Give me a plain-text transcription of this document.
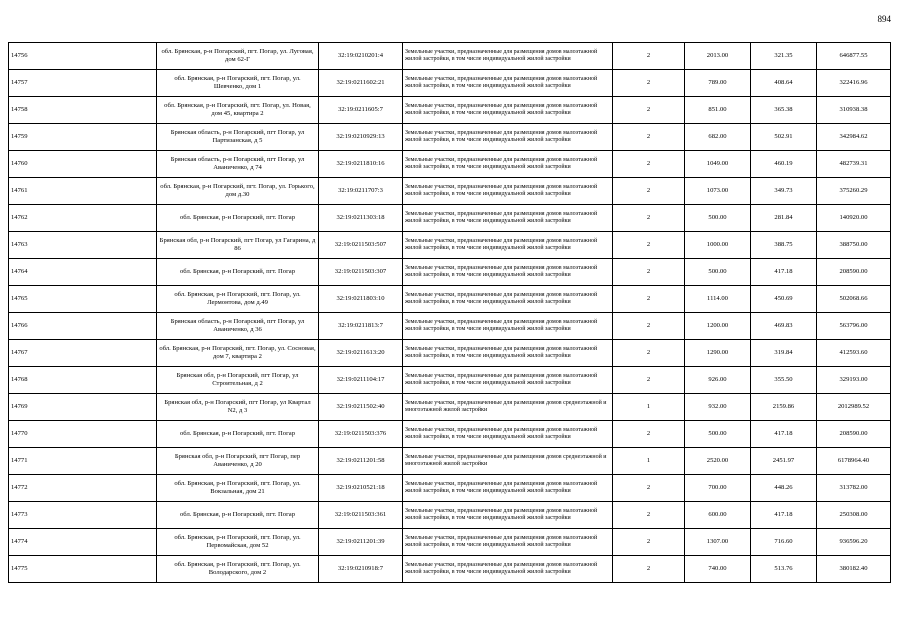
894
14756	обл. Брянская, р-н Погарский, пгт. Погар, ул. Луговая, дом 62-Г	32:19:0210201:4	Земельные участки, предназначенные для размещения домов малоэтажной жилой застройки, в том числе индивидуальной жилой застройки	2	2013.00	321.35	646877.55
14757	обл. Брянская, р-н Погарский, пгт. Погар, ул. Шевченко, дом 1	32:19:0211602:21	Земельные участки, предназначенные для размещения домов малоэтажной жилой застройки, в том числе индивидуальной жилой застройки	2	789.00	408.64	322416.96
14758	обл. Брянская, р-н Погарский, пгт. Погар, ул. Новая, дом 45, квартира 2	32:19:0211605:7	Земельные участки, предназначенные для размещения домов малоэтажной жилой застройки, в том числе индивидуальной жилой застройки	2	851.00	365.38	310938.38
14759	Брянская область, р-н Погарский, пгт Погар, ул Партизанская, д 5	32:19:0210929:13	Земельные участки, предназначенные для размещения домов малоэтажной жилой застройки, в том числе индивидуальной жилой застройки	2	682.00	502.91	342984.62
14760	Брянская область, р-н Погарский, пгт Погар, ул Аваниченко, д 74	32:19:0211810:16	Земельные участки, предназначенные для размещения домов малоэтажной жилой застройки, в том числе индивидуальной жилой застройки	2	1049.00	460.19	482739.31
14761	обл. Брянская, р-н Погарский, пгт. Погар, ул. Горького, дом д.30	32:19:0211707:3	Земельные участки, предназначенные для размещения домов малоэтажной жилой застройки, в том числе индивидуальной жилой застройки	2	1073.00	349.73	375260.29
14762	обл. Брянская, р-н Погарский, пгт. Погар	32:19:0211303:18	Земельные участки, предназначенные для размещения домов малоэтажной жилой застройки, в том числе индивидуальной жилой застройки	2	500.00	281.84	140920.00
14763	Брянская обл, р-н Погарский, пгт Погар, ул Гагарина, д 86	32:19:0211503:507	Земельные участки, предназначенные для размещения домов малоэтажной жилой застройки, в том числе индивидуальной жилой застройки	2	1000.00	388.75	388750.00
14764	обл. Брянская, р-н Погарский, пгт. Погар	32:19:0211503:307	Земельные участки, предназначенные для размещения домов малоэтажной жилой застройки, в том числе индивидуальной жилой застройки	2	500.00	417.18	208590.00
14765	обл. Брянская, р-н Погарский, пгт. Погар, ул. Лермонтова, дом д.49	32:19:0211803:10	Земельные участки, предназначенные для размещения домов малоэтажной жилой застройки, в том числе индивидуальной жилой застройки	2	1114.00	450.69	502068.66
14766	Брянская область, р-н Погарский, пгт Погар, ул Аваниченко, д 36	32:19:0211813:7	Земельные участки, предназначенные для размещения домов малоэтажной жилой застройки, в том числе индивидуальной жилой застройки	2	1200.00	469.83	563796.00
14767	обл. Брянская, р-н Погарский, пгт. Погар, ул. Сосновая, дом 7, квартира 2	32:19:0211613:20	Земельные участки, предназначенные для размещения домов малоэтажной жилой застройки, в том числе индивидуальной жилой застройки	2	1290.00	319.84	412593.60
14768	Брянская обл, р-н Погарский, пгт Погар, ул Строительная, д 2	32:19:0211104:17	Земельные участки, предназначенные для размещения домов малоэтажной жилой застройки, в том числе индивидуальной жилой застройки	2	926.00	355.50	329193.00
14769	Брянская обл, р-н Погарский, пгт Погар, ул Квартал N2, д 3	32:19:0211502:40	Земельные участки, предназначенные для размещения домов среднеэтажной и многоэтажной жилой застройки	1	932.00	2159.86	2012989.52
14770	обл. Брянская, р-н Погарский, пгт. Погар	32:19:0211503:376	Земельные участки, предназначенные для размещения домов малоэтажной жилой застройки, в том числе индивидуальной жилой застройки	2	500.00	417.18	208590.00
14771	Брянская обл, р-н Погарский, пгт Погар, пер Аваниченко, д 20	32:19:0211201:58	Земельные участки, предназначенные для размещения домов среднеэтажной и многоэтажной жилой застройки	1	2520.00	2451.97	6178964.40
14772	обл. Брянская, р-н Погарский, пгт. Погар, ул. Вокзальная, дом 21	32:19:0210521:18	Земельные участки, предназначенные для размещения домов малоэтажной жилой застройки, в том числе индивидуальной жилой застройки	2	700.00	448.26	313782.00
14773	обл. Брянская, р-н Погарский, пгт. Погар	32:19:0211503:361	Земельные участки, предназначенные для размещения домов малоэтажной жилой застройки, в том числе индивидуальной жилой застройки	2	600.00	417.18	250308.00
14774	обл. Брянская, р-н Погарский, пгт. Погар, ул. Первомайская, дом 52	32:19:0211201:39	Земельные участки, предназначенные для размещения домов малоэтажной жилой застройки, в том числе индивидуальной жилой застройки	2	1307.00	716.60	936596.20
14775	обл. Брянская, р-н Погарский, пгт. Погар, ул. Володарского, дом 2	32:19:0210918:7	Земельные участки, предназначенные для размещения домов малоэтажной жилой застройки, в том числе индивидуальной жилой застройки	2	740.00	513.76	380182.40
